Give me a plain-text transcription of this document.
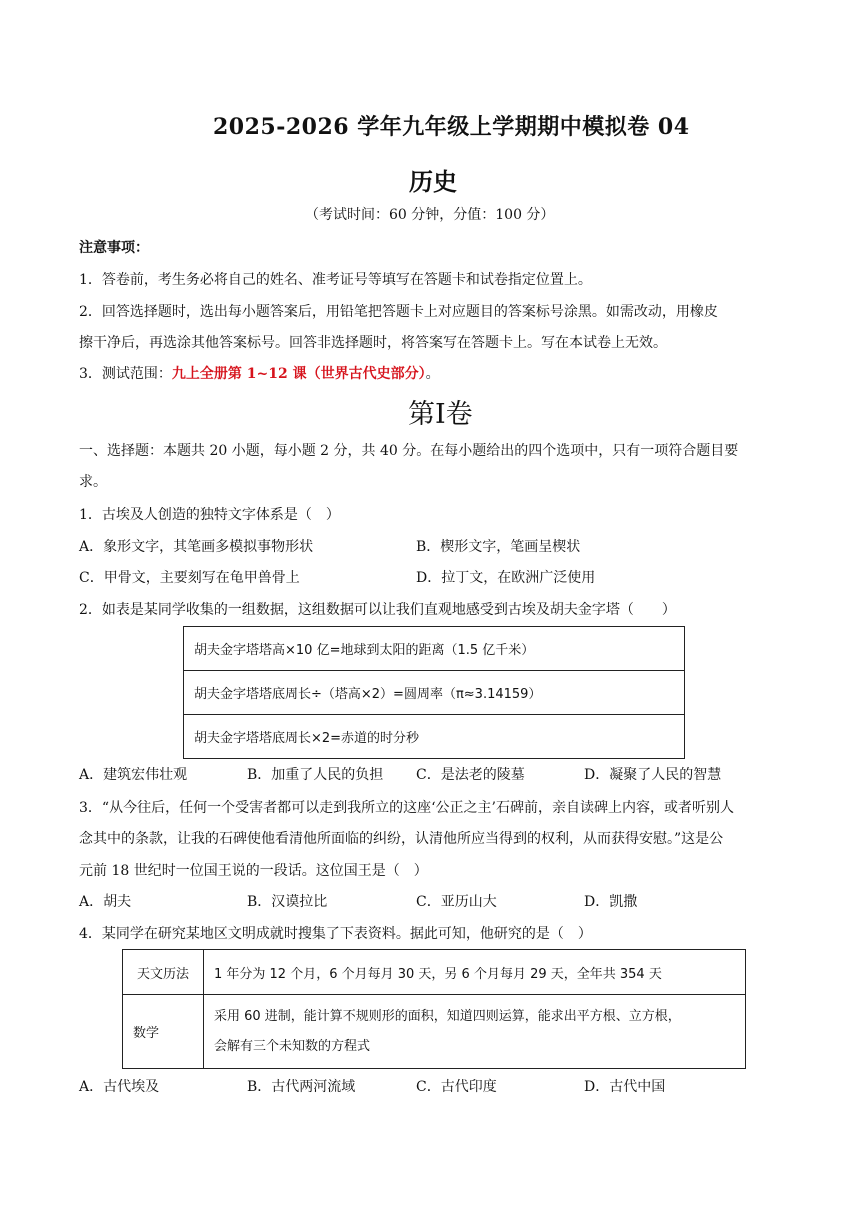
2025-2026 学年九年级上学期期中模拟卷 04
历史
（考试时间：60 分钟，分值：100 分）
注意事项：
1．答卷前，考生务必将自己的姓名、准考证号等填写在答题卡和试卷指定位置上。
2．回答选择题时，选出每小题答案后，用铅笔把答题卡上对应题目的答案标号涂黑。如需改动，用橡皮
擦干净后，再选涂其他答案标号。回答非选择题时，将答案写在答题卡上。写在本试卷上无效。
3．测试范围：九上全册第 1~12 课（世界古代史部分）。
第I卷
一、选择题：本题共 20 小题，每小题 2 分，共 40 分。在每小题给出的四个选项中，只有一项符合题目要
求。
1．古埃及人创造的独特文字体系是（　）
A．象形文字，其笔画多模拟事物形状	B．楔形文字，笔画呈楔状
C．甲骨文，主要刻写在龟甲兽骨上	D．拉丁文，在欧洲广泛使用
2．如表是某同学收集的一组数据，这组数据可以让我们直观地感受到古埃及胡夫金字塔（　　）
胡夫金字塔塔高×10 亿=地球到太阳的距离（1.5 亿千米）
胡夫金字塔塔底周长÷（塔高×2）=圆周率（π≈3.14159）
胡夫金字塔塔底周长×2=赤道的时分秒
A．建筑宏伟壮观	B．加重了人民的负担 C．是法老的陵墓	D．凝聚了人民的智慧
3．“从今往后，任何一个受害者都可以走到我所立的这座‘公正之主’石碑前，亲自读碑上内容，或者听别人
念其中的条款，让我的石碑使他看清他所面临的纠纷，认清他所应当得到的权利，从而获得安慰。”这是公
元前 18 世纪时一位国王说的一段话。这位国王是（　）
A．胡夫	B．汉谟拉比	C．亚历山大	D．凯撒
4．某同学在研究某地区文明成就时搜集了下表资料。据此可知，他研究的是（　）
天文历法	1 年分为 12 个月，6 个月每月 30 天，另 6 个月每月 29 天，全年共 354 天
数学	采用 60 进制，能计算不规则形的面积，知道四则运算，能求出平方根、立方根，
会解有三个未知数的方程式
A．古代埃及	B．古代两河流域	C．古代印度	D．古代中国
